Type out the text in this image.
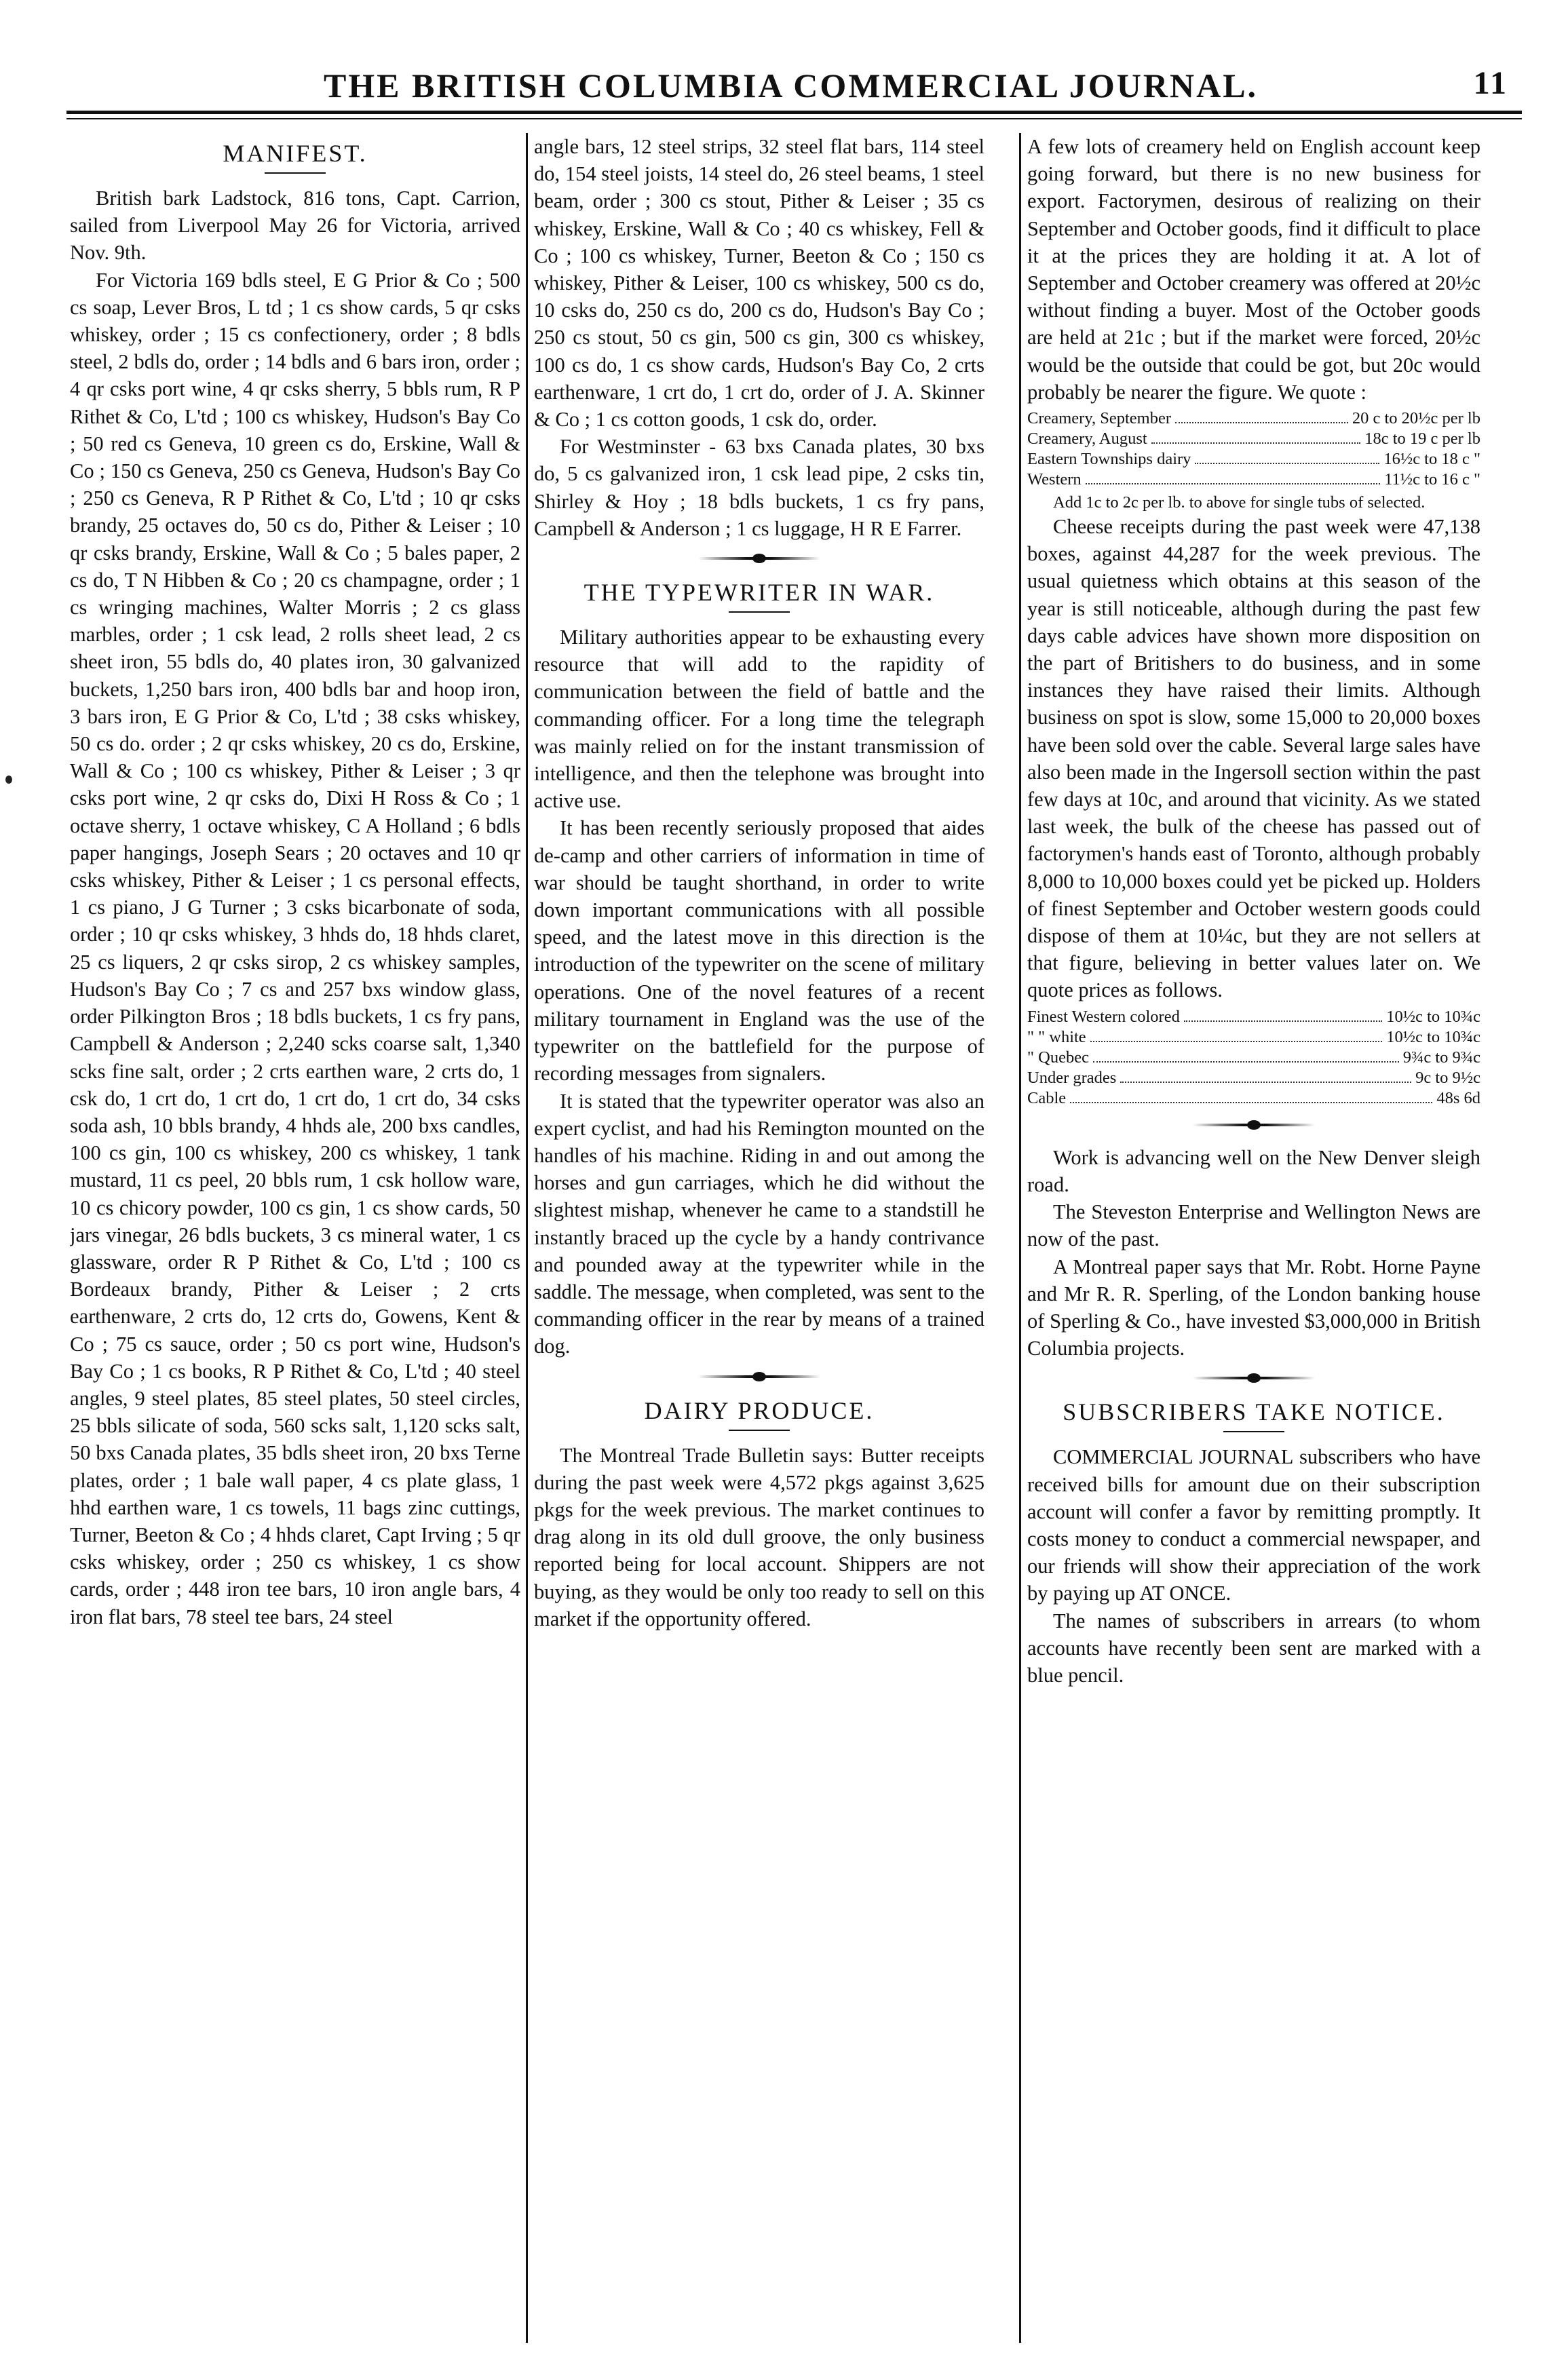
THE BRITISH COLUMBIA COMMERCIAL JOURNAL.	11
MANIFEST.

British bark Ladstock, 816 tons, Capt. Carrion, sailed from Liverpool May 26 for Victoria, arrived Nov. 9th.

For Victoria 169 bdls steel, E G Prior & Co ; 500 cs soap, Lever Bros, L td ; 1 cs show cards, 5 qr csks whiskey, order ; 15 cs confectionery, order ; 8 bdls steel, 2 bdls do, order ; 14 bdls and 6 bars iron, order ; 4 qr csks port wine, 4 qr csks sherry, 5 bbls rum, R P Rithet & Co, L'td ; 100 cs whiskey, Hudson's Bay Co ; 50 red cs Geneva, 10 green cs do, Erskine, Wall & Co ; 150 cs Geneva, 250 cs Geneva, Hudson's Bay Co ; 250 cs Geneva, R P Rithet & Co, L'td ; 10 qr csks brandy, 25 octaves do, 50 cs do, Pither & Leiser ; 10 qr csks brandy, Erskine, Wall & Co ; 5 bales paper, 2 cs do, T N Hibben & Co ; 20 cs champagne, order ; 1 cs wringing machines, Walter Morris ; 2 cs glass marbles, order ; 1 csk lead, 2 rolls sheet lead, 2 cs sheet iron, 55 bdls do, 40 plates iron, 30 galvanized buckets, 1,250 bars iron, 400 bdls bar and hoop iron, 3 bars iron, E G Prior & Co, L'td ; 38 csks whiskey, 50 cs do. order ; 2 qr csks whiskey, 20 cs do, Erskine, Wall & Co ; 100 cs whiskey, Pither & Leiser ; 3 qr csks port wine, 2 qr csks do, Dixi H Ross & Co ; 1 octave sherry, 1 octave whiskey, C A Holland ; 6 bdls paper hangings, Joseph Sears ; 20 octaves and 10 qr csks whiskey, Pither & Leiser ; 1 cs personal effects, 1 cs piano, J G Turner ; 3 csks bicarbonate of soda, order ; 10 qr csks whiskey, 3 hhds do, 18 hhds claret, 25 cs liquers, 2 qr csks sirop, 2 cs whiskey samples, Hudson's Bay Co ; 7 cs and 257 bxs window glass, order Pilkington Bros ; 18 bdls buckets, 1 cs fry pans, Campbell & Anderson ; 2,240 scks coarse salt, 1,340 scks fine salt, order ; 2 crts earthen ware, 2 crts do, 1 csk do, 1 crt do, 1 crt do, 1 crt do, 1 crt do, 34 csks soda ash, 10 bbls brandy, 4 hhds ale, 200 bxs candles, 100 cs gin, 100 cs whiskey, 200 cs whiskey, 1 tank mustard, 11 cs peel, 20 bbls rum, 1 csk hollow ware, 10 cs chicory powder, 100 cs gin, 1 cs show cards, 50 jars vinegar, 26 bdls buckets, 3 cs mineral water, 1 cs glassware, order R P Rithet & Co, L'td ; 100 cs Bordeaux brandy, Pither & Leiser ; 2 crts earthenware, 2 crts do, 12 crts do, Gowens, Kent & Co ; 75 cs sauce, order ; 50 cs port wine, Hudson's Bay Co ; 1 cs books, R P Rithet & Co, L'td ; 40 steel angles, 9 steel plates, 85 steel plates, 50 steel circles, 25 bbls silicate of soda, 560 scks salt, 1,120 scks salt, 50 bxs Canada plates, 35 bdls sheet iron, 20 bxs Terne plates, order ; 1 bale wall paper, 4 cs plate glass, 1 hhd earthen ware, 1 cs towels, 11 bags zinc cuttings, Turner, Beeton & Co ; 4 hhds claret, Capt Irving ; 5 qr csks whiskey, order ; 250 cs whiskey, 1 cs show cards, order ; 448 iron tee bars, 10 iron angle bars, 4 iron flat bars, 78 steel tee bars, 24 steel

angle bars, 12 steel strips, 32 steel flat bars, 114 steel do, 154 steel joists, 14 steel do, 26 steel beams, 1 steel beam, order ; 300 cs stout, Pither & Leiser ; 35 cs whiskey, Erskine, Wall & Co ; 40 cs whiskey, Fell & Co ; 100 cs whiskey, Turner, Beeton & Co ; 150 cs whiskey, Pither & Leiser, 100 cs whiskey, 500 cs do, 10 csks do, 250 cs do, 200 cs do, Hudson's Bay Co ; 250 cs stout, 50 cs gin, 500 cs gin, 300 cs whiskey, 100 cs do, 1 cs show cards, Hudson's Bay Co, 2 crts earthenware, 1 crt do, 1 crt do, order of J. A. Skinner & Co ; 1 cs cotton goods, 1 csk do, order.

For Westminster - 63 bxs Canada plates, 30 bxs do, 5 cs galvanized iron, 1 csk lead pipe, 2 csks tin, Shirley & Hoy ; 18 bdls buckets, 1 cs fry pans, Campbell & Anderson ; 1 cs luggage, H R E Farrer.

THE TYPEWRITER IN WAR.

Military authorities appear to be exhausting every resource that will add to the rapidity of communication between the field of battle and the commanding officer. For a long time the telegraph was mainly relied on for the instant transmission of intelligence, and then the telephone was brought into active use.

It has been recently seriously proposed that aides de-camp and other carriers of information in time of war should be taught shorthand, in order to write down important communications with all possible speed, and the latest move in this direction is the introduction of the typewriter on the scene of military operations. One of the novel features of a recent military tournament in England was the use of the typewriter on the battlefield for the purpose of recording messages from signalers.

It is stated that the typewriter operator was also an expert cyclist, and had his Remington mounted on the handles of his machine. Riding in and out among the horses and gun carriages, which he did without the slightest mishap, whenever he came to a standstill he instantly braced up the cycle by a handy contrivance and pounded away at the typewriter while in the saddle. The message, when completed, was sent to the commanding officer in the rear by means of a trained dog.

DAIRY PRODUCE.

The Montreal Trade Bulletin says: Butter receipts during the past week were 4,572 pkgs against 3,625 pkgs for the week previous. The market continues to drag along in its old dull groove, the only business reported being for local account. Shippers are not buying, as they would be only too ready to sell on this market if the opportunity offered.

A few lots of creamery held on English account keep going forward, but there is no new business for export. Factorymen, desirous of realizing on their September and October goods, find it difficult to place it at the prices they are holding it at. A lot of September and October creamery was offered at 20½c without finding a buyer. Most of the October goods are held at 21c ; but if the market were forced, 20½c would be the outside that could be got, but 20c would probably be nearer the figure. We quote :

Creamery, September	20 c to 20½c per lb
Creamery, August	18c to 19 c per lb
Eastern Townships dairy	16½c to 18 c "
Western	11½c to 16 c "

Add 1c to 2c per lb. to above for single tubs of selected.

Cheese receipts during the past week were 47,138 boxes, against 44,287 for the week previous. The usual quietness which obtains at this season of the year is still noticeable, although during the past few days cable advices have shown more disposition on the part of Britishers to do business, and in some instances they have raised their limits. Although business on spot is slow, some 15,000 to 20,000 boxes have been sold over the cable. Several large sales have also been made in the Ingersoll section within the past few days at 10c, and around that vicinity. As we stated last week, the bulk of the cheese has passed out of factorymen's hands east of Toronto, although probably 8,000 to 10,000 boxes could yet be picked up. Holders of finest September and October western goods could dispose of them at 10¼c, but they are not sellers at that figure, believing in better values later on. We quote prices as follows.

Finest Western colored	10½c to 10¾c
" " white	10½c to 10¾c
" Quebec	9¾c to 9¾c
Under grades	9c to 9½c
Cable	48s 6d

Work is advancing well on the New Denver sleigh road.

The Steveston Enterprise and Wellington News are now of the past.

A Montreal paper says that Mr. Robt. Horne Payne and Mr R. R. Sperling, of the London banking house of Sperling & Co., have invested $3,000,000 in British Columbia projects.

SUBSCRIBERS TAKE NOTICE.

COMMERCIAL JOURNAL subscribers who have received bills for amount due on their subscription account will confer a favor by remitting promptly. It costs money to conduct a commercial newspaper, and our friends will show their appreciation of the work by paying up AT ONCE.

The names of subscribers in arrears (to whom accounts have recently been sent are marked with a blue pencil.
